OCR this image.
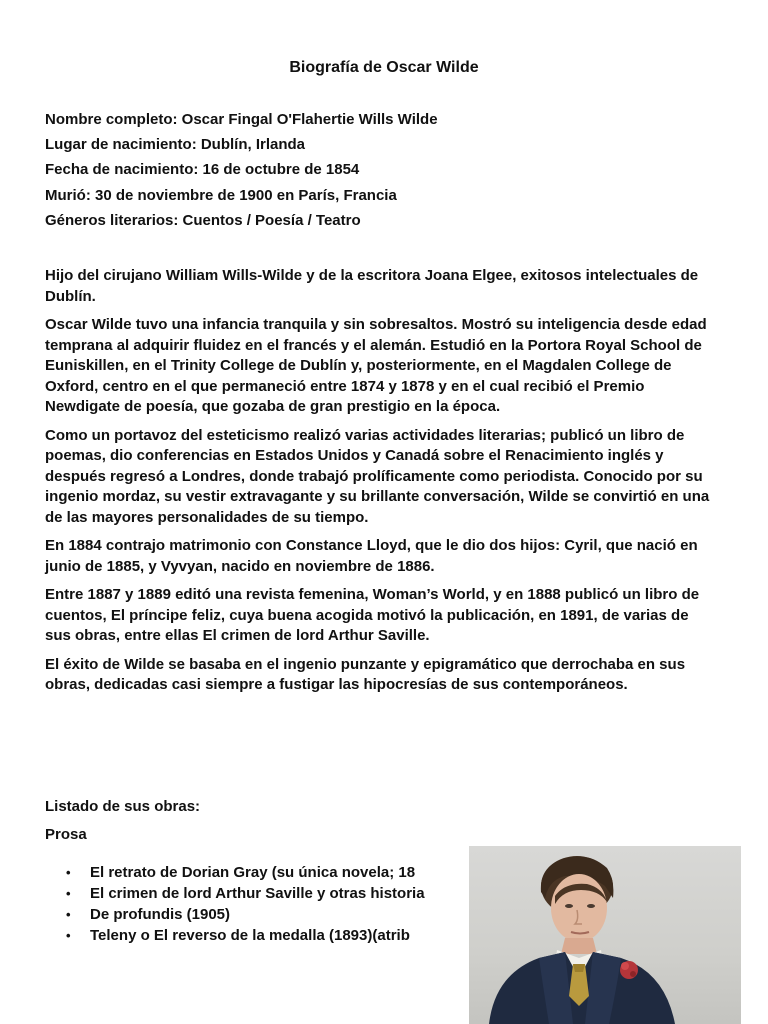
Biografía de Oscar Wilde
Nombre completo: Oscar Fingal O'Flahertie Wills Wilde
Lugar de nacimiento: Dublín, Irlanda
Fecha de nacimiento: 16 de octubre de 1854
Murió: 30 de noviembre de 1900 en París, Francia
Géneros literarios: Cuentos / Poesía / Teatro

Hijo del cirujano William Wills-Wilde y de la escritora Joana Elgee, exitosos intelectuales de Dublín.

Oscar Wilde tuvo una infancia tranquila y sin sobresaltos. Mostró su inteligencia desde edad temprana al adquirir fluidez en el francés y el alemán. Estudió en la Portora Royal School de Euniskillen, en el Trinity College de Dublín y, posteriormente, en el Magdalen College de Oxford, centro en el que permaneció entre 1874 y 1878 y en el cual recibió el Premio Newdigate de poesía, que gozaba de gran prestigio en la época.

Como un portavoz del esteticismo realizó varias actividades literarias; publicó un libro de poemas, dio conferencias en Estados Unidos y Canadá sobre el Renacimiento inglés y después regresó a Londres, donde trabajó prolíficamente como periodista. Conocido por su ingenio mordaz, su vestir extravagante y su brillante conversación, Wilde se convirtió en una de las mayores personalidades de su tiempo.

En 1884 contrajo matrimonio con Constance Lloyd, que le dio dos hijos: Cyril, que nació en junio de 1885, y Vyvyan, nacido en noviembre de 1886.

Entre 1887 y 1889 editó una revista femenina, Woman’s World, y en 1888 publicó un libro de cuentos, El príncipe feliz, cuya buena acogida motivó la publicación, en 1891, de varias de sus obras, entre ellas El crimen de lord Arthur Saville.

El éxito de Wilde se basaba en el ingenio punzante y epigramático que derrochaba en sus obras, dedicadas casi siempre a fustigar las hipocresías de sus contemporáneos.

Listado de sus obras:
Prosa
• El retrato de Dorian Gray (su única novela; 18
• El crimen de lord Arthur Saville y otras historia
• De profundis (1905)
• Teleny o El reverso de la medalla (1893)(atrib
